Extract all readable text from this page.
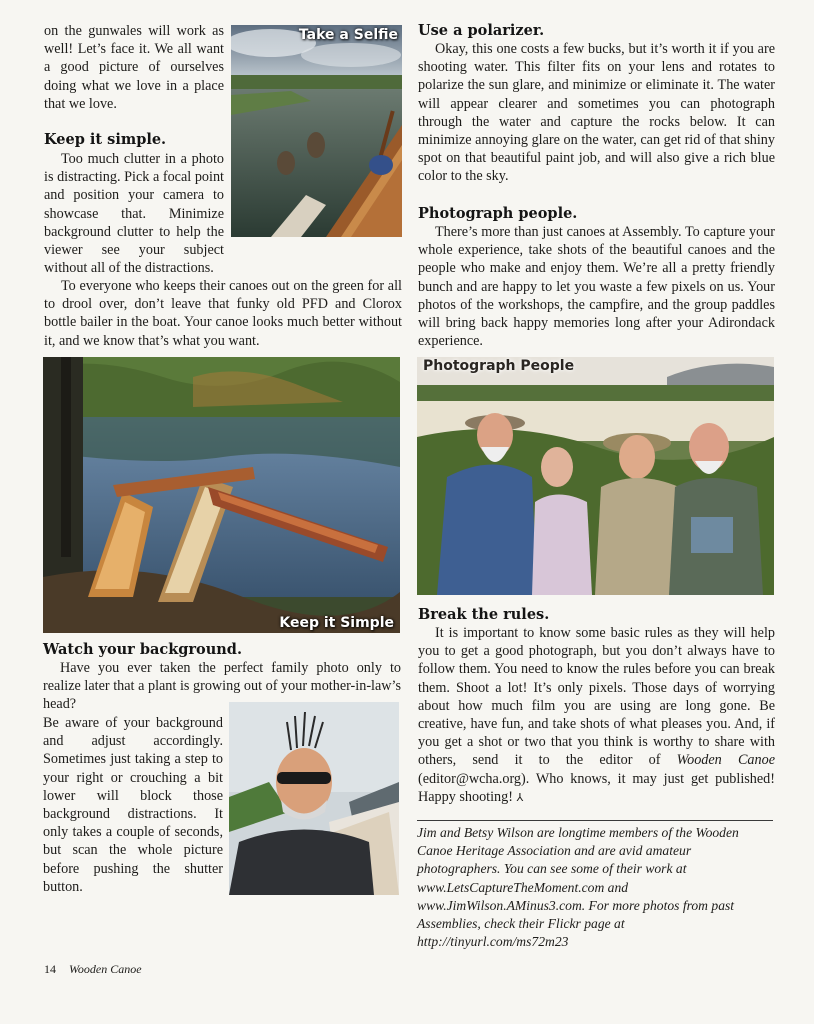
on the gunwales will work as well! Let’s face it. We all want a good picture of ourselves doing what we love in a place that we love.

Keep it simple.

Too much clutter in a photo is distracting. Pick a focal point and position your camera to showcase that. Minimize background clutter to help the viewer see your subject without all of the distractions.

To everyone who keeps their canoes out on the green for all to drool over, don’t leave that funky old PFD and Clorox bottle bailer in the boat. Your canoe looks much better without it, and we know that’s what you want.

Take a Selfie
Keep it Simple
Watch your background.

Have you ever taken the perfect family photo only to realize later that a plant is growing out of your mother-in-law’s head?

Be aware of your background and adjust accordingly. Sometimes just taking a step to your right or crouching a bit lower will block those background distractions. It only takes a couple of seconds, but scan the whole picture before pushing the shutter button.

Use a polarizer.

Okay, this one costs a few bucks, but it’s worth it if you are shooting water. This filter fits on your lens and rotates to polarize the sun glare, and minimize or eliminate it. The water will appear clearer and sometimes you can photograph through the water and capture the rocks below. It can minimize annoying glare on the water, can get rid of that shiny spot on that beautiful paint job, and will also give a rich blue color to the sky.

Photograph people.

There’s more than just canoes at Assembly. To capture your whole experience, take shots of the beautiful canoes and the people who make and enjoy them. We’re all a pretty friendly bunch and are happy to let you waste a few pixels on us. Your photos of the workshops, the campfire, and the group paddles will bring back happy memories long after your Adirondack experience.

Photograph People
Break the rules.

It is important to know some basic rules as they will help you to get a good photograph, but you don’t always have to follow them. You need to know the rules before you can break them. Shoot a lot! It’s only pixels. Those days of worrying about how much film you are using are long gone. Be creative, have fun, and take shots of what pleases you. And, if you get a shot or two that you think is worthy to share with others, send it to the editor of Wooden Canoe (editor@wcha.org). Who knows, it may just get published! Happy shooting! ⅄

Jim and Betsy Wilson are longtime members of the Wooden Canoe Heritage Association and are avid amateur photographers. You can see some of their work at www.LetsCaptureTheMoment.com and www.JimWilson.AMinus3.com. For more photos from past Assemblies, check their Flickr page at http://tinyurl.com/ms72m23
14 Wooden Canoe
